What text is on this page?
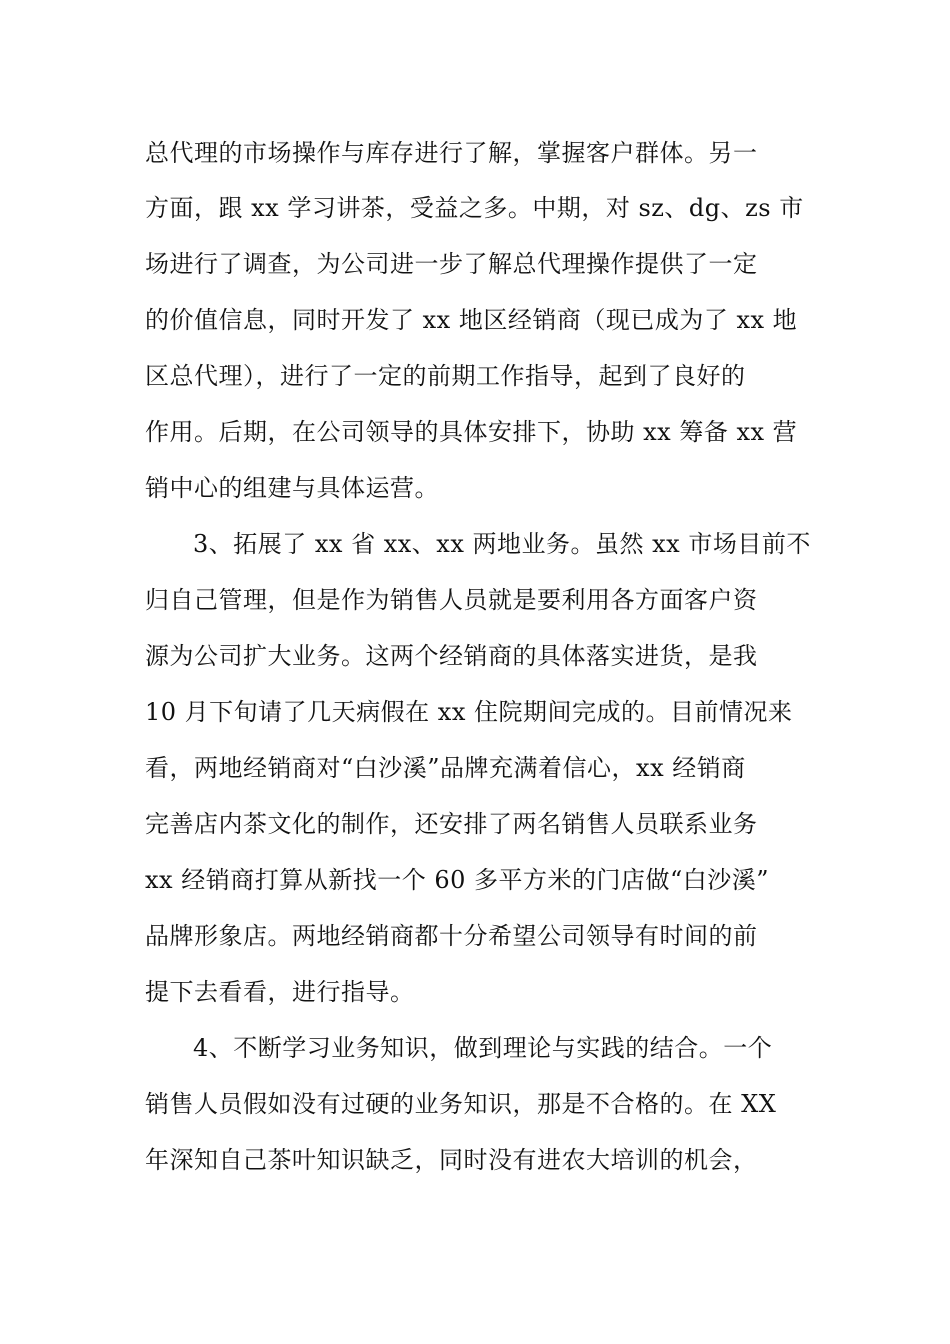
总代理的市场操作与库存进行了解，掌握客户群体。另一
方面，跟 xx 学习讲茶，受益之多。中期，对 sz、dg、zs 市
场进行了调查，为公司进一步了解总代理操作提供了一定
的价值信息，同时开发了 xx 地区经销商（现已成为了 xx 地
区总代理），进行了一定的前期工作指导，起到了良好的
作用。后期，在公司领导的具体安排下，协助 xx 筹备 xx 营
销中心的组建与具体运营。
3、拓展了 xx 省 xx、xx 两地业务。虽然 xx 市场目前不
归自己管理，但是作为销售人员就是要利用各方面客户资
源为公司扩大业务。这两个经销商的具体落实进货，是我
10 月下旬请了几天病假在 xx 住院期间完成的。目前情况来
看，两地经销商对“白沙溪”品牌充满着信心，xx 经销商
完善店内茶文化的制作，还安排了两名销售人员联系业务
xx 经销商打算从新找一个 60 多平方米的门店做“白沙溪”
品牌形象店。两地经销商都十分希望公司领导有时间的前
提下去看看，进行指导。
4、不断学习业务知识，做到理论与实践的结合。一个
销售人员假如没有过硬的业务知识，那是不合格的。在 XX
年深知自己茶叶知识缺乏，同时没有进农大培训的机会，
